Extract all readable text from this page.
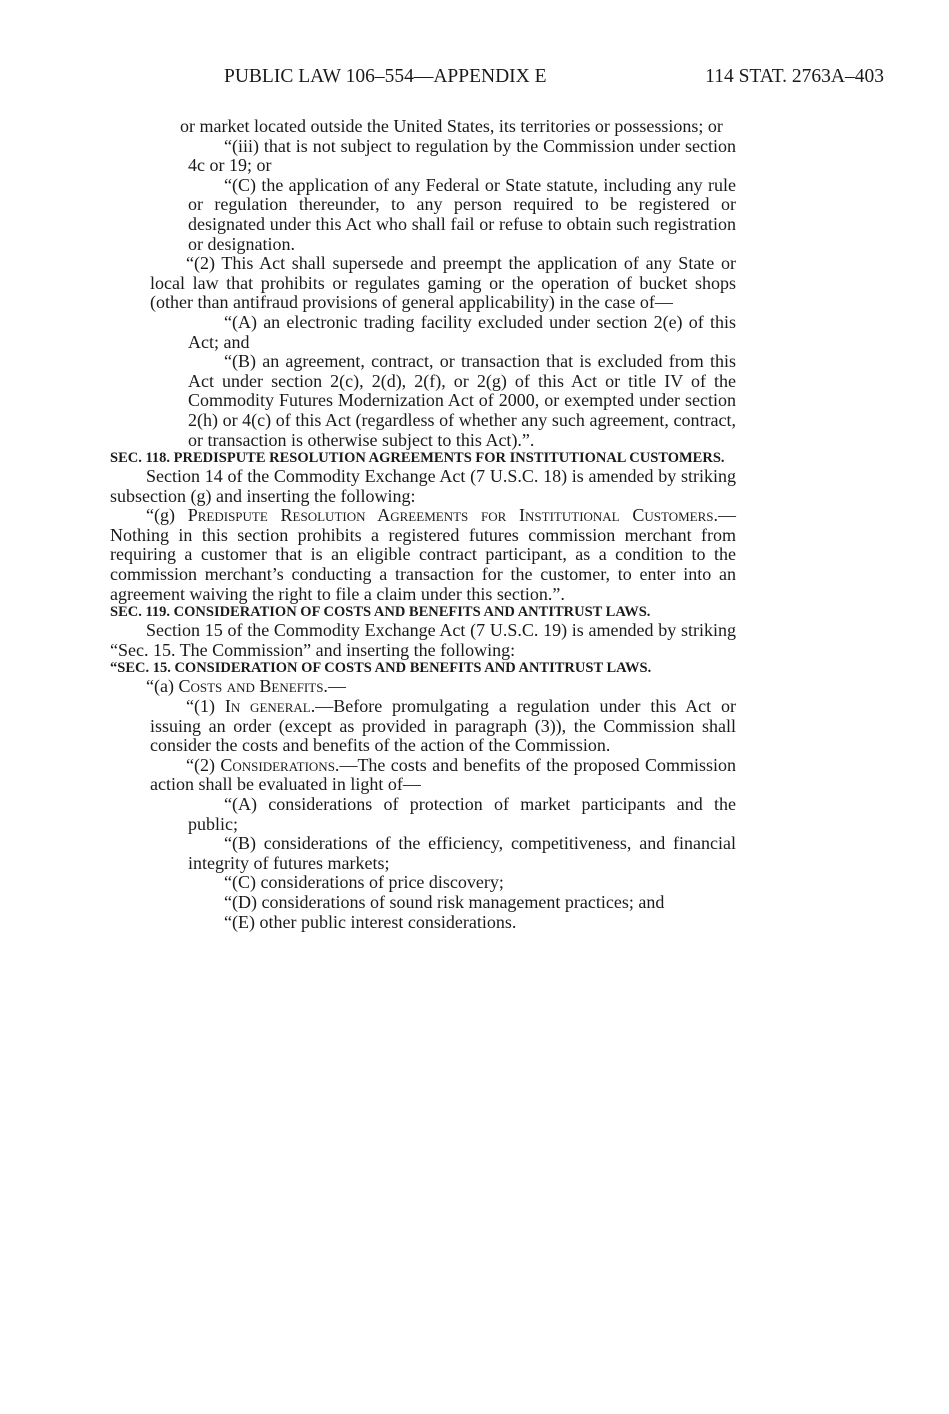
PUBLIC LAW 106–554—APPENDIX E	114 STAT. 2763A–403

or market located outside the United States, its territories or possessions; or

“(iii) that is not subject to regulation by the Commission under section 4c or 19; or

“(C) the application of any Federal or State statute, including any rule or regulation thereunder, to any person required to be registered or designated under this Act who shall fail or refuse to obtain such registration or designation.

“(2) This Act shall supersede and preempt the application of any State or local law that prohibits or regulates gaming or the operation of bucket shops (other than antifraud provisions of general applicability) in the case of—

“(A) an electronic trading facility excluded under section 2(e) of this Act; and

“(B) an agreement, contract, or transaction that is excluded from this Act under section 2(c), 2(d), 2(f), or 2(g) of this Act or title IV of the Commodity Futures Modernization Act of 2000, or exempted under section 2(h) or 4(c) of this Act (regardless of whether any such agreement, contract, or transaction is otherwise subject to this Act).”.

SEC. 118. PREDISPUTE RESOLUTION AGREEMENTS FOR INSTITUTIONAL CUSTOMERS.

Section 14 of the Commodity Exchange Act (7 U.S.C. 18) is amended by striking subsection (g) and inserting the following:

“(g) Predispute Resolution Agreements for Institutional Customers.—Nothing in this section prohibits a registered futures commission merchant from requiring a customer that is an eligible contract participant, as a condition to the commission merchant’s conducting a transaction for the customer, to enter into an agreement waiving the right to file a claim under this section.”.

SEC. 119. CONSIDERATION OF COSTS AND BENEFITS AND ANTITRUST LAWS.

Section 15 of the Commodity Exchange Act (7 U.S.C. 19) is amended by striking “Sec. 15. The Commission” and inserting the following:

“SEC. 15. CONSIDERATION OF COSTS AND BENEFITS AND ANTITRUST LAWS.

“(a) Costs and Benefits.—

“(1) In general.—Before promulgating a regulation under this Act or issuing an order (except as provided in paragraph (3)), the Commission shall consider the costs and benefits of the action of the Commission.

“(2) Considerations.—The costs and benefits of the proposed Commission action shall be evaluated in light of—

“(A) considerations of protection of market participants and the public;

“(B) considerations of the efficiency, competitiveness, and financial integrity of futures markets;

“(C) considerations of price discovery;

“(D) considerations of sound risk management practices; and

“(E) other public interest considerations.
